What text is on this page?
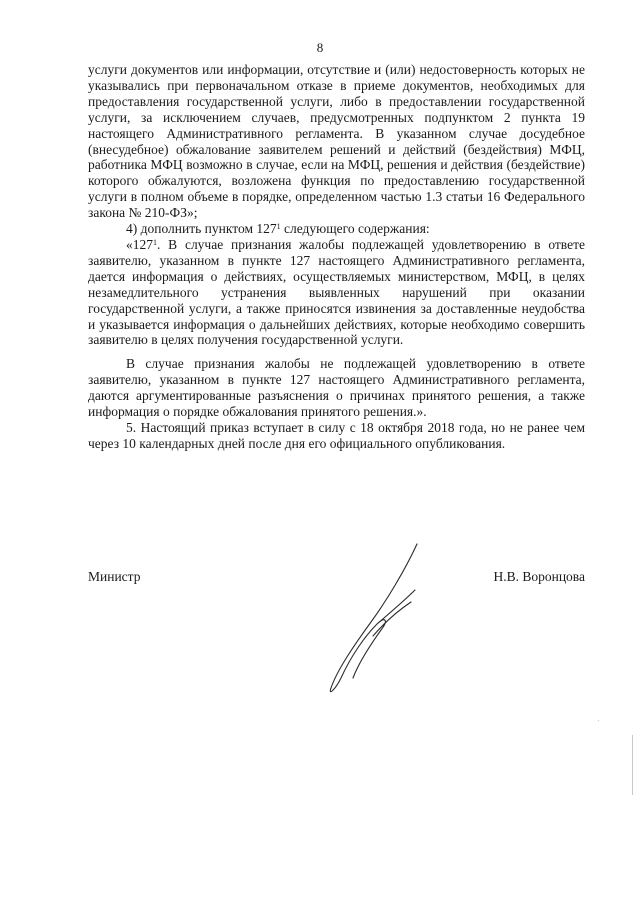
8

услуги документов или информации, отсутствие и (или) недостоверность которых не указывались при первоначальном отказе в приеме документов, необходимых для предоставления государственной услуги, либо в предоставлении государственной услуги, за исключением случаев, предусмотренных подпунктом 2 пункта 19 настоящего Административного регламента. В указанном случае досудебное (внесудебное) обжалование заявителем решений и действий (бездействия) МФЦ, работника МФЦ возможно в случае, если на МФЦ, решения и действия (бездействие) которого обжалуются, возложена функция по предоставлению государственной услуги в полном объеме в порядке, определенном частью 1.3 статьи 16 Федерального закона № 210-ФЗ»;

4) дополнить пунктом $127^1$ следующего содержания:

«$127^1$. В случае признания жалобы подлежащей удовлетворению в ответе заявителю, указанном в пункте 127 настоящего Административного регламента, дается информация о действиях, осуществляемых министерством, МФЦ, в целях незамедлительного устранения выявленных нарушений при оказании государственной услуги, а также приносятся извинения за доставленные неудобства и указывается информация о дальнейших действиях, которые необходимо совершить заявителю в целях получения государственной услуги.

В случае признания жалобы не подлежащей удовлетворению в ответе заявителю, указанном в пункте 127 настоящего Административного регламента, даются аргументированные разъяснения о причинах принятого решения, а также информация о порядке обжалования принятого решения.».

5. Настоящий приказ вступает в силу с 18 октября 2018 года, но не ранее чем через 10 календарных дней после дня его официального опубликования.

Министр	Н.В. Воронцова
